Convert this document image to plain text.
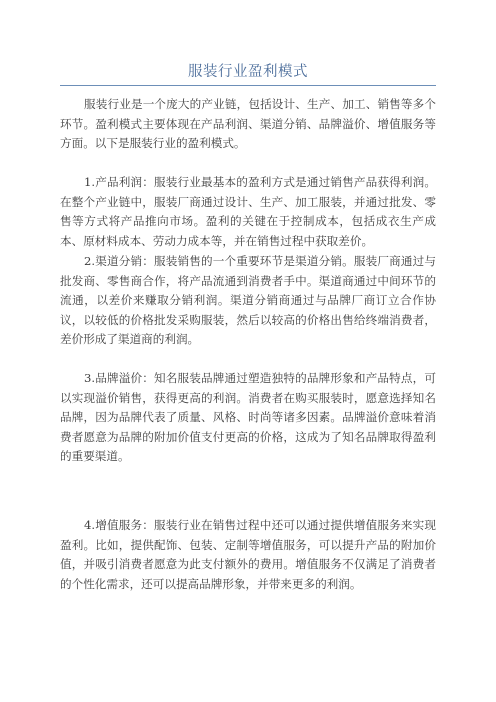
服装行业盈利模式

服装行业是一个庞大的产业链，包括设计、生产、加工、销售等多个环节。盈利模式主要体现在产品利润、渠道分销、品牌溢价、增值服务等方面。以下是服装行业的盈利模式。

1.产品利润：服装行业最基本的盈利方式是通过销售产品获得利润。在整个产业链中，服装厂商通过设计、生产、加工服装，并通过批发、零售等方式将产品推向市场。盈利的关键在于控制成本，包括成衣生产成本、原材料成本、劳动力成本等，并在销售过程中获取差价。

2.渠道分销：服装销售的一个重要环节是渠道分销。服装厂商通过与批发商、零售商合作，将产品流通到消费者手中。渠道商通过中间环节的流通，以差价来赚取分销利润。渠道分销商通过与品牌厂商订立合作协议，以较低的价格批发采购服装，然后以较高的价格出售给终端消费者，差价形成了渠道商的利润。

3.品牌溢价：知名服装品牌通过塑造独特的品牌形象和产品特点，可以实现溢价销售，获得更高的利润。消费者在购买服装时，愿意选择知名品牌，因为品牌代表了质量、风格、时尚等诸多因素。品牌溢价意味着消费者愿意为品牌的附加价值支付更高的价格，这成为了知名品牌取得盈利的重要渠道。

4.增值服务：服装行业在销售过程中还可以通过提供增值服务来实现盈利。比如，提供配饰、包装、定制等增值服务，可以提升产品的附加价值，并吸引消费者愿意为此支付额外的费用。增值服务不仅满足了消费者的个性化需求，还可以提高品牌形象，并带来更多的利润。
